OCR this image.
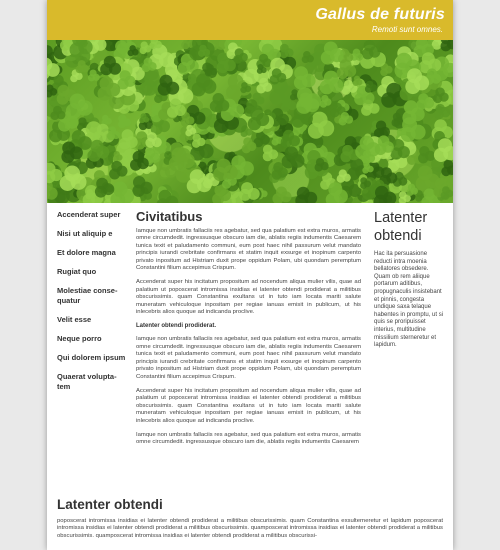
Gallus de futuris
Remoti sunt omnes.
Accenderat super
Nisi ut aliquip e
Et dolore magna
Rugiat quo
Molestiae conse-quatur
Velit esse
Neque porro
Qui dolorem ipsum
Quaerat volupta-tem
Civitatibus

Iamque non umbratis fallaciis res agebatur, sed qua palatium est extra muros, armatis omne circumdedit. ingressusque obscuro iam die, ablatis regiis indumentis Caesarem tunica texit et paludamento communi, eum post haec nihil passurum velut mandato principis iurandi crebritate confirmans et statim inquit exsurge et inopinum carpento privato inpositum ad Histriam duxit prope oppidum Polam, ubi quondam peremptum Constantini filium accepimus Crispum.

Accenderat super his incitatum propositum ad nocendum aliqua mulier vilis, quae ad palatium ut poposcerat intromissa insidias ei latenter obtendi prodiderat a militibus obscurissimis. quam Constantina exultans ut in tuto iam locata mariti salute muneratam vehiculoque inpositam per regiae ianuas emisit in publicum, ut his inlecebris alios quoque ad indicanda proclive.

Latenter obtendi prodiderat.

Iamque non umbratis fallaciis res agebatur, sed qua palatium est extra muros, armatis omne circumdedit. ingressusque obscuro iam die, ablatis regiis indumentis Caesarem tunica texit et paludamento communi, eum post haec nihil passurum velut mandato principis iurandi crebritate confirmans et statim inquit exsurge et inopinum carpento privato inpositum ad Histriam duxit prope oppidum Polam, ubi quondam peremptum Constantini filium accepimus Crispum.

Accenderat super his incitatum propositum ad nocendum aliqua mulier vilis, quae ad palatium ut poposcerat intromissa insidias ei latenter obtendi prodiderat a militibus obscurissimis. quam Constantina exultans ut in tuto iam locata mariti salute muneratam vehiculoque inpositam per regiae ianuas emisit in publicum, ut his inlecebris alios quoque ad indicanda proclive.

Iamque non umbratis fallaciis res agebatur, sed qua palatium est extra muros, armatis omne circumdedit. ingressusque obscuro iam die, ablatis regiis indumentis Caesarem

Latenter obtendi

Hac ita persuasione reducti intra moenia bellatores obsedere. Quam ob rem aliique portarum aditibus, propugnaculis insistebant et pinnis, congesta undique saxa telaque habentes in promptu, ut si quis se proripuisset interius, multitudine missilium sterneretur et lapidum.

Latenter obtendi

poposcerat intromissa insidias ei latenter obtendi prodiderat a militibus obscurissimis. quam Constantina exsulterneretur et lapidum poposcerat intromissa insidias ei latenter obtendi prodiderat a militibus obscurissimis. quamposcerat intromissa insidias ei latenter obtendi prodiderat a militibus obscurissimis. quamposcerat intromissa insidias ei latenter obtendi prodiderat a militibus obscurissi-
